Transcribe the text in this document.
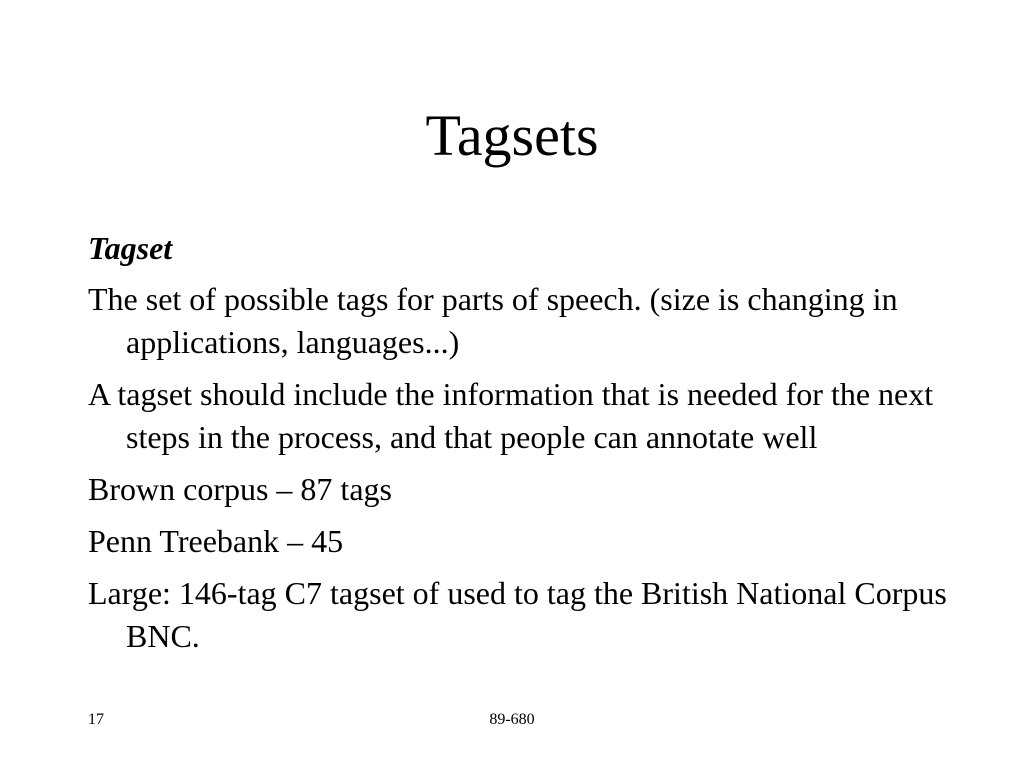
Tagsets

Tagset

The set of possible tags for parts of speech. (size is changing in applications, languages...)

A tagset should include the information that is needed for the next steps in the process, and that people can annotate well

Brown corpus – 87 tags

Penn Treebank – 45

Large: 146-tag C7 tagset of used to tag the British National Corpus BNC.

17	89-680
